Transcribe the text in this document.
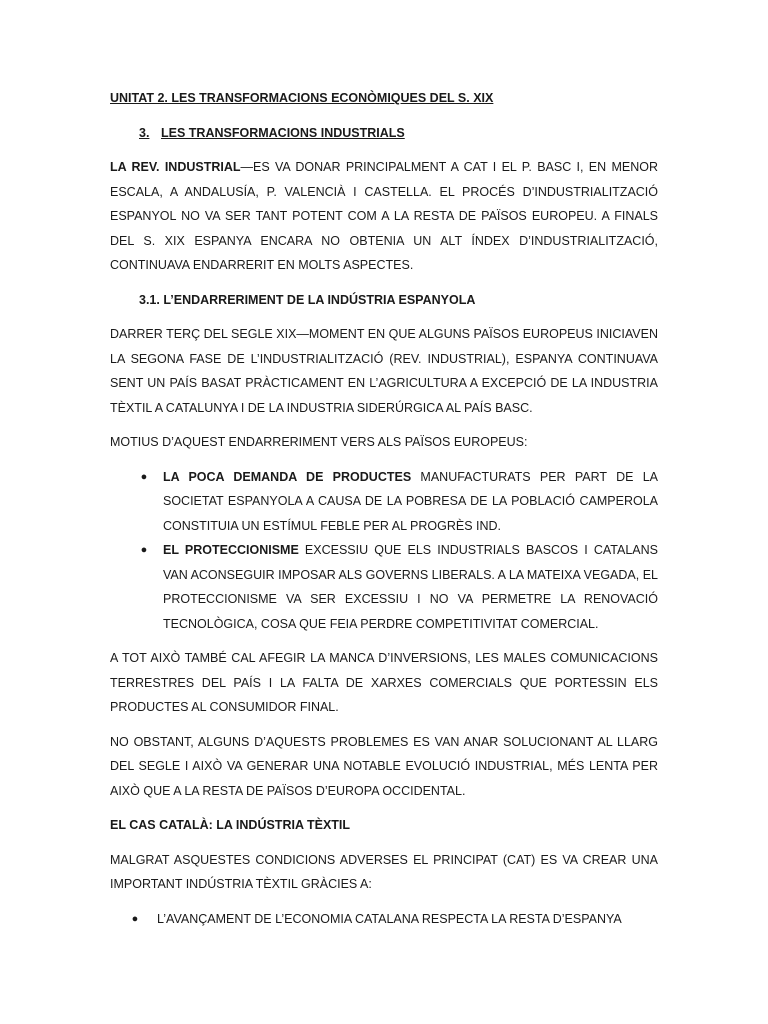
UNITAT 2. LES TRANSFORMACIONS ECONÒMIQUES DEL S. XIX
3. LES TRANSFORMACIONS INDUSTRIALS

LA REV. INDUSTRIAL—ES VA DONAR PRINCIPALMENT A CAT I EL P. BASC I, EN MENOR ESCALA, A ANDALUSÍA, P. VALENCIÀ I CASTELLA. EL PROCÉS D’INDUSTRIALITZACIÓ ESPANYOL NO VA SER TANT POTENT COM A LA RESTA DE PAÏSOS EUROPEU. A FINALS DEL S. XIX ESPANYA ENCARA NO OBTENIA UN ALT ÍNDEX D’INDUSTRIALITZACIÓ, CONTINUAVA ENDARRERIT EN MOLTS ASPECTES.

3.1. L’ENDARRERIMENT DE LA INDÚSTRIA ESPANYOLA

DARRER TERÇ DEL SEGLE XIX—MOMENT EN QUE ALGUNS PAÏSOS EUROPEUS INICIAVEN LA SEGONA FASE DE L’INDUSTRIALITZACIÓ (REV. INDUSTRIAL), ESPANYA CONTINUAVA SENT UN PAÍS BASAT PRÀCTICAMENT EN L’AGRICULTURA A EXCEPCIÓ DE LA INDUSTRIA TÈXTIL A CATALUNYA I DE LA INDUSTRIA SIDERÚRGICA AL PAÍS BASC.

MOTIUS D’AQUEST ENDARRERIMENT VERS ALS PAÏSOS EUROPEUS:

● LA POCA DEMANDA DE PRODUCTES MANUFACTURATS PER PART DE LA SOCIETAT ESPANYOLA A CAUSA DE LA POBRESA DE LA POBLACIÓ CAMPEROLA CONSTITUIA UN ESTÍMUL FEBLE PER AL PROGRÈS IND.
● EL PROTECCIONISME EXCESSIU QUE ELS INDUSTRIALS BASCOS I CATALANS VAN ACONSEGUIR IMPOSAR ALS GOVERNS LIBERALS. A LA MATEIXA VEGADA, EL PROTECCIONISME VA SER EXCESSIU I NO VA PERMETRE LA RENOVACIÓ TECNOLÒGICA, COSA QUE FEIA PERDRE COMPETITIVITAT COMERCIAL.

A TOT AIXÒ TAMBÉ CAL AFEGIR LA MANCA D’INVERSIONS, LES MALES COMUNICACIONS TERRESTRES DEL PAÍS I LA FALTA DE XARXES COMERCIALS QUE PORTESSIN ELS PRODUCTES AL CONSUMIDOR FINAL.

NO OBSTANT, ALGUNS D’AQUESTS PROBLEMES ES VAN ANAR SOLUCIONANT AL LLARG DEL SEGLE I AIXÒ VA GENERAR UNA NOTABLE EVOLUCIÓ INDUSTRIAL, MÉS LENTA PER AIXÒ QUE A LA RESTA DE PAÏSOS D’EUROPA OCCIDENTAL.

EL CAS CATALÀ: LA INDÚSTRIA TÈXTIL

MALGRAT ASQUESTES CONDICIONS ADVERSES EL PRINCIPAT (CAT) ES VA CREAR UNA IMPORTANT INDÚSTRIA TÈXTIL GRÀCIES A:

● L’AVANÇAMENT DE L’ECONOMIA CATALANA RESPECTA LA RESTA D’ESPANYA
